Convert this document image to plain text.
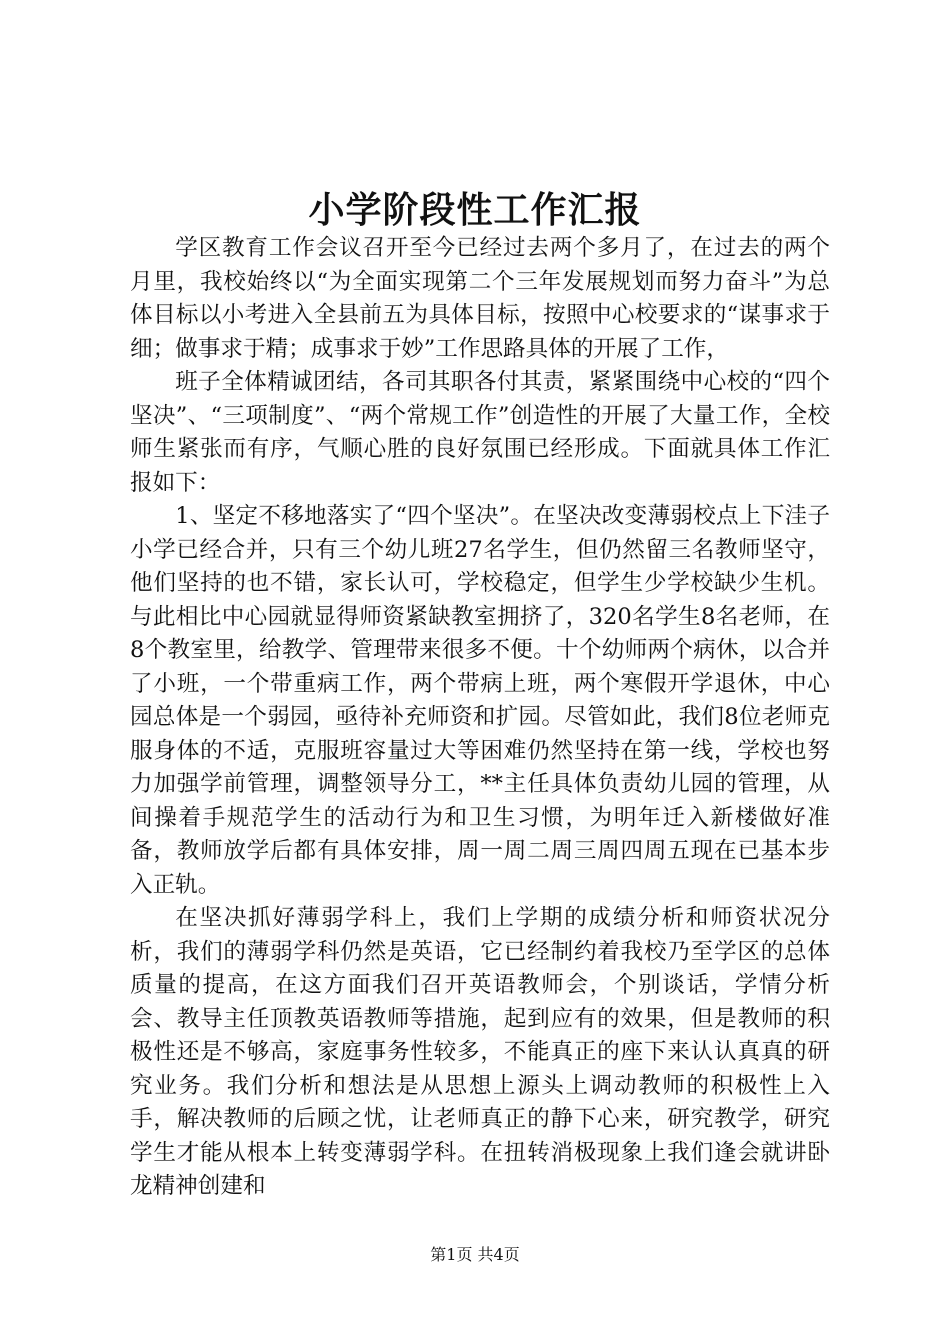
小学阶段性工作汇报

学区教育工作会议召开至今已经过去两个多月了，在过去的两个月里，我校始终以“为全面实现第二个三年发展规划而努力奋斗”为总体目标以小考进入全县前五为具体目标，按照中心校要求的“谋事求于细；做事求于精；成事求于妙”工作思路具体的开展了工作，

班子全体精诚团结，各司其职各付其责，紧紧围绕中心校的“四个坚决”、“三项制度”、“两个常规工作”创造性的开展了大量工作，全校师生紧张而有序，气顺心胜的良好氛围已经形成。下面就具体工作汇报如下：

1、坚定不移地落实了“四个坚决”。在坚决改变薄弱校点上下洼子小学已经合并，只有三个幼儿班27名学生，但仍然留三名教师坚守，他们坚持的也不错，家长认可，学校稳定，但学生少学校缺少生机。与此相比中心园就显得师资紧缺教室拥挤了，320名学生8名老师，在8个教室里，给教学、管理带来很多不便。十个幼师两个病休，以合并了小班，一个带重病工作，两个带病上班，两个寒假开学退休，中心园总体是一个弱园，亟待补充师资和扩园。尽管如此，我们8位老师克服身体的不适，克服班容量过大等困难仍然坚持在第一线，学校也努力加强学前管理，调整领导分工，**主任具体负责幼儿园的管理，从间操着手规范学生的活动行为和卫生习惯，为明年迁入新楼做好准备，教师放学后都有具体安排，周一周二周三周四周五现在已基本步入正轨。

在坚决抓好薄弱学科上，我们上学期的成绩分析和师资状况分析，我们的薄弱学科仍然是英语，它已经制约着我校乃至学区的总体质量的提高，在这方面我们召开英语教师会，个别谈话，学情分析会、教导主任顶教英语教师等措施，起到应有的效果，但是教师的积极性还是不够高，家庭事务性较多，不能真正的座下来认认真真的研究业务。我们分析和想法是从思想上源头上调动教师的积极性上入手，解决教师的后顾之忧，让老师真正的静下心来，研究教学，研究学生才能从根本上转变薄弱学科。在扭转消极现象上我们逢会就讲卧龙精神创建和

第1页 共4页
